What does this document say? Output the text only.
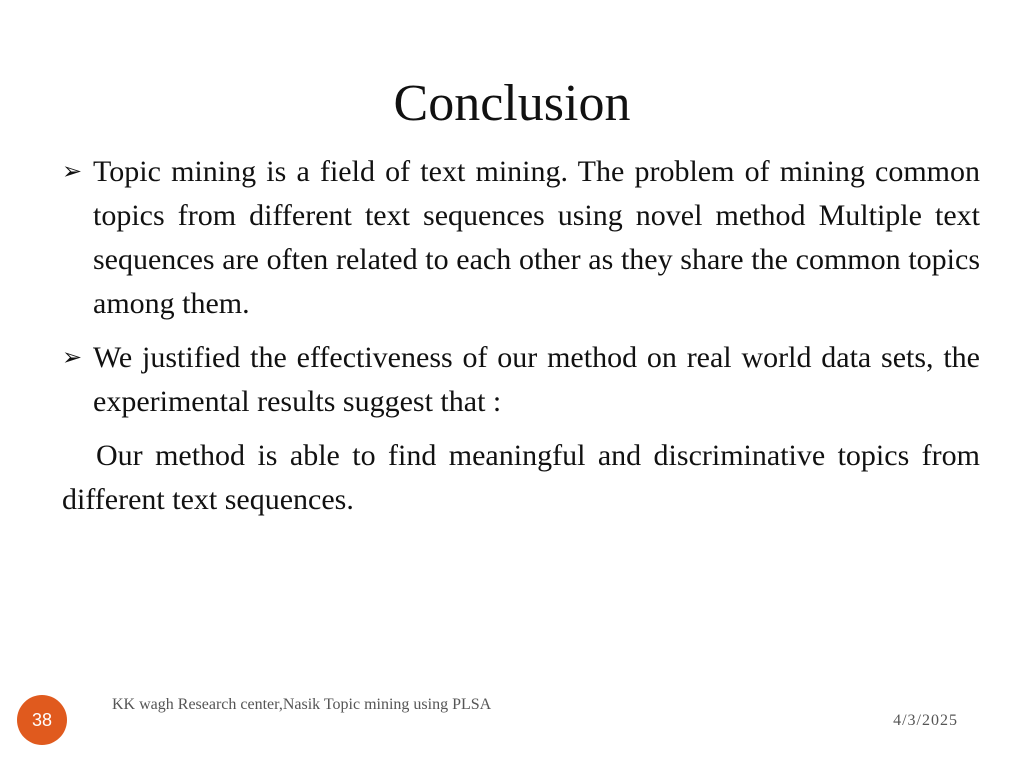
Conclusion
➢ Topic mining is a field of text mining. The problem of mining common topics from different text sequences using novel method Multiple text sequences are often related to each other as they share the common topics among them.
➢ We justified the effectiveness of our method on real world data sets, the experimental results suggest that :
Our method is able to find meaningful and discriminative topics from different text sequences.
38
KK wagh Research center,Nasik Topic mining using PLSA
4/3/2025
